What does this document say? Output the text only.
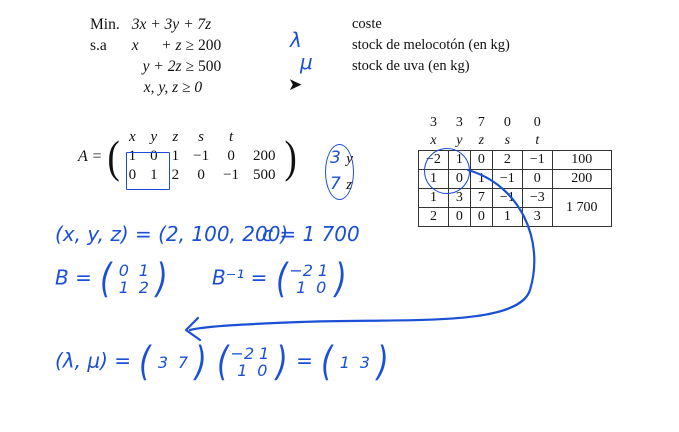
Min.	3x + 3y + 7z			
s.a	x	+ z	≥	200
		y + 2z	≥	500
	x, y, z ≥ 0			
coste
stock de melocotón (en kg)
stock de uva (en kg)
λ
μ
➤
A = ( x	y	z	s	t	
1	0	1	−1	0	200
0	1	2	0	−1	500 ) 3 y
7 z
3	3	7	0	0	
x	y	z	s	t	
−2	1	0	2	−1	100
1	0	1	−1	0	200
1	3	7	−1	−3	1 700
2	0	0	1	3	
(x, y, z) = (2, 100, 200)
c = 1 700
B = ( 0 1
1 2 ) B⁻¹ = ( −2 1
1 0 )
(λ, μ) = ( 3 7 ) ( −2 1
1 0 ) = ( 1 3 )
